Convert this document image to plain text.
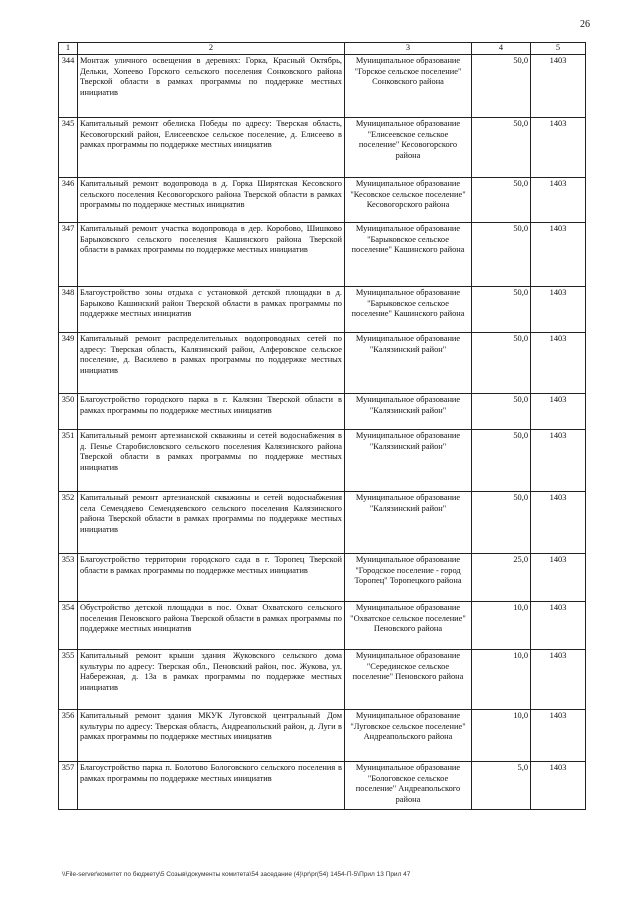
26
1	2	3	4	5
344	Монтаж уличного освещения в деревнях: Горка, Красный Октябрь, Дельки, Хопеево Горского сельского поселения Сонковского района Тверской области в рамках программы по поддержке местных инициатив	Муниципальное образование "Горское сельское поселение" Сонковского района	50,0	1403
345	Капитальный ремонт обелиска Победы по адресу: Тверская область, Кесовогорский район, Елисеевское сельское поселение, д. Елисеево в рамках программы по поддержке местных инициатив	Муниципальное образование "Елисеевское сельское поселение" Кесовогорского района	50,0	1403
346	Капитальный ремонт водопровода в д. Горка Ширятская Кесовского сельского поселения Кесовогорского района Тверской области в рамках программы по поддержке местных инициатив	Муниципальное образование "Кесовское сельское поселение" Кесовогорского района	50,0	1403
347	Капитальный ремонт участка водопровода в дер. Коробово, Шишково Барыковского сельского поселения Кашинского района Тверской области в рамках программы по поддержке местных инициатив	Муниципальное образование "Барыковское сельское поселение" Кашинского района	50,0	1403
348	Благоустройство зоны отдыха с установкой детской площадки в д. Барыково Кашинский район Тверской области в рамках программы по поддержке местных инициатив	Муниципальное образование "Барыковское сельское поселение" Кашинского района	50,0	1403
349	Капитальный ремонт распределительных водопроводных сетей по адресу: Тверская область, Калязинский район, Алферовское сельское поселение, д. Василево в рамках программы по поддержке местных инициатив	Муниципальное образование "Калязинский район"	50,0	1403
350	Благоустройство городского парка в г. Калязин Тверской области в рамках программы по поддержке местных инициатив	Муниципальное образование "Калязинский район"	50,0	1403
351	Капитальный ремонт артезианской скважины и сетей водоснабжения в д. Пенье Старобисловского сельского поселения Калязинского района Тверской области в рамках программы по поддержке местных инициатив	Муниципальное образование "Калязинский район"	50,0	1403
352	Капитальный ремонт артезианской скважины и сетей водоснабжения села Семендяево Семендяевского сельского поселения Калязинского района Тверской области в рамках программы по поддержке местных инициатив	Муниципальное образование "Калязинский район"	50,0	1403
353	Благоустройство территории городского сада в г. Торопец Тверской области в рамках программы по поддержке местных инициатив	Муниципальное образование "Городское поселение - город Торопец" Торопецкого района	25,0	1403
354	Обустройство детской площадки в пос. Охват Охватского сельского поселения Пеновского района Тверской области в рамках программы по поддержке местных инициатив	Муниципальное образование "Охватское сельское поселение" Пеновского района	10,0	1403
355	Капитальный ремонт крыши здания Жуковского сельского дома культуры по адресу: Тверская обл., Пеновский район, пос. Жукова, ул. Набережная, д. 13а в рамках программы по поддержке местных инициатив	Муниципальное образование "Серединское сельское поселение" Пеновского района	10,0	1403
356	Капитальный ремонт здания МКУК Луговской центральный Дом культуры по адресу: Тверская область, Андреапольский район, д. Луги в рамках программы по поддержке местных инициатив	Муниципальное образование "Луговское сельское поселение" Андреапольского района	10,0	1403
357	Благоустройство парка п. Болотово Бологовского сельского поселения в рамках программы по поддержке местных инициатив	Муниципальное образование "Бологовское сельское поселение" Андреапольского района	5,0	1403
\\File-server\комитет по бюджету\5 Созыв\документы комитета\54 заседание (4)\pr\pr(54) 1454-П-5\Прил 13 Прил 47
